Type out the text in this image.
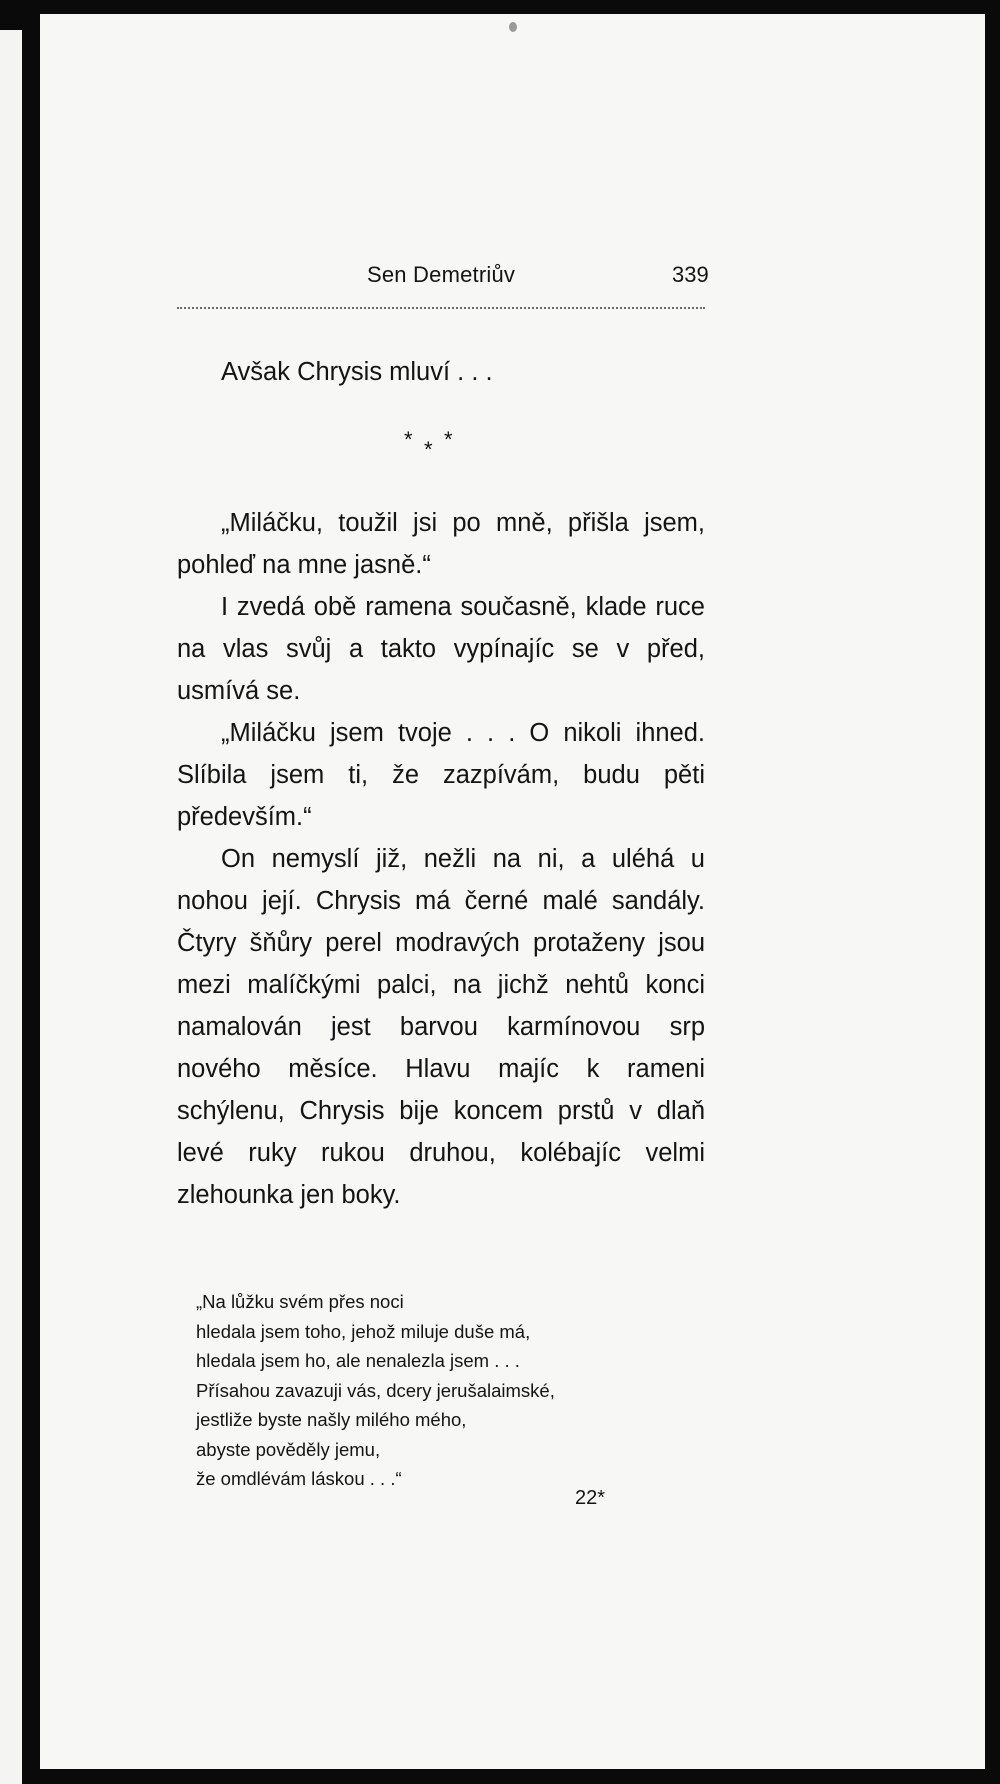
Sen Demetriův	339

Avšak Chrysis mluví . . .

* * *

„Miláčku, toužil jsi po mně, přišla jsem, pohleď na mne jasně.“

I zvedá obě ramena současně, klade ruce na vlas svůj a takto vypínajíc se v před, usmívá se.

„Miláčku jsem tvoje . . . O nikoli ihned. Slíbila jsem ti, že zazpívám, budu pěti především.“

On nemyslí již, nežli na ni, a uléhá u nohou její. Chrysis má černé malé sandály. Čtyry šňůry perel modravých protaženy jsou mezi malíčkými palci, na jichž nehtů konci namalován jest barvou karmínovou srp nového měsíce. Hlavu majíc k rameni schýlenu, Chrysis bije koncem prstů v dlaň levé ruky rukou druhou, kolébajíc velmi zlehounka jen boky.

„Na lůžku svém přes noci
hledala jsem toho, jehož miluje duše má,
hledala jsem ho, ale nenalezla jsem . . .
Přísahou zavazuji vás, dcery jerušalaimské,
jestliže byste našly milého mého,
abyste pověděly jemu,
že omdlévám láskou . . .“
22*
